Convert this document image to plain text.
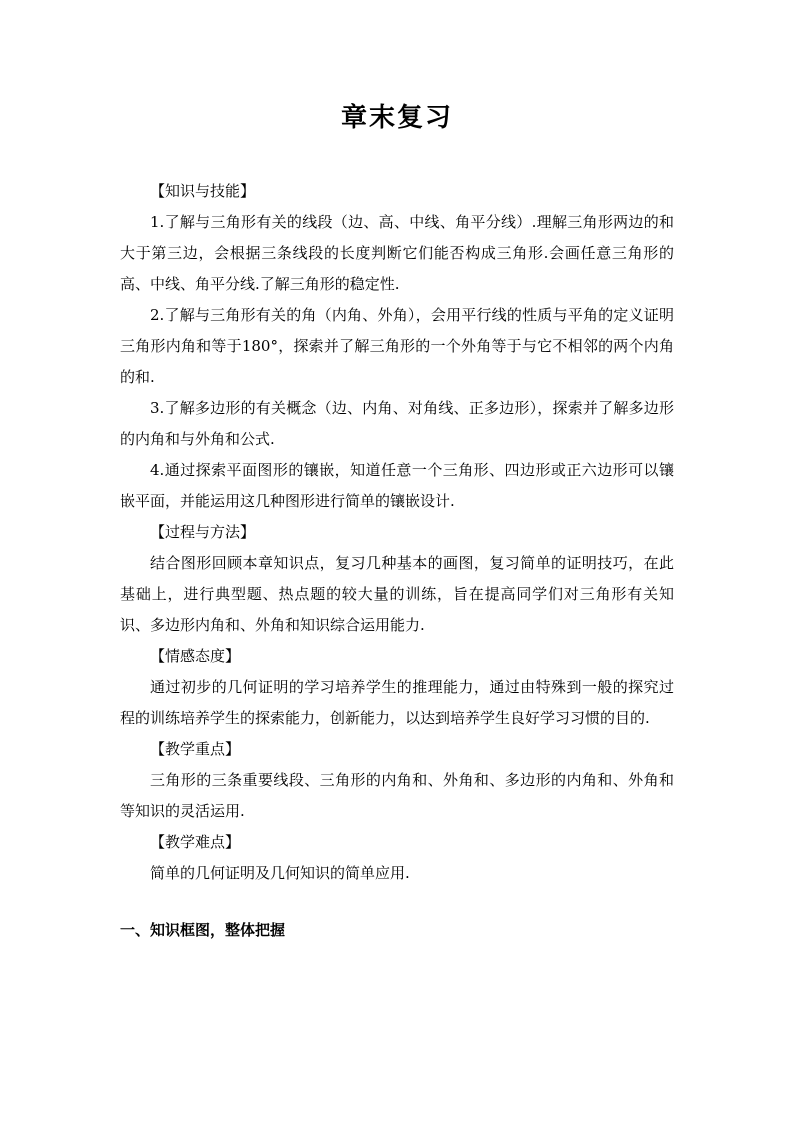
章末复习

【知识与技能】

1.了解与三角形有关的线段（边、高、中线、角平分线）.理解三角形两边的和大于第三边，会根据三条线段的长度判断它们能否构成三角形.会画任意三角形的高、中线、角平分线.了解三角形的稳定性.

2.了解与三角形有关的角（内角、外角），会用平行线的性质与平角的定义证明三角形内角和等于180°，探索并了解三角形的一个外角等于与它不相邻的两个内角的和.

3.了解多边形的有关概念（边、内角、对角线、正多边形），探索并了解多边形的内角和与外角和公式.

4.通过探索平面图形的镶嵌，知道任意一个三角形、四边形或正六边形可以镶嵌平面，并能运用这几种图形进行简单的镶嵌设计.

【过程与方法】

结合图形回顾本章知识点，复习几种基本的画图，复习简单的证明技巧，在此基础上，进行典型题、热点题的较大量的训练，旨在提高同学们对三角形有关知识、多边形内角和、外角和知识综合运用能力.

【情感态度】

通过初步的几何证明的学习培养学生的推理能力，通过由特殊到一般的探究过程的训练培养学生的探索能力，创新能力，以达到培养学生良好学习习惯的目的.

【教学重点】

三角形的三条重要线段、三角形的内角和、外角和、多边形的内角和、外角和等知识的灵活运用.

【教学难点】

简单的几何证明及几何知识的简单应用.

一、知识框图，整体把握
